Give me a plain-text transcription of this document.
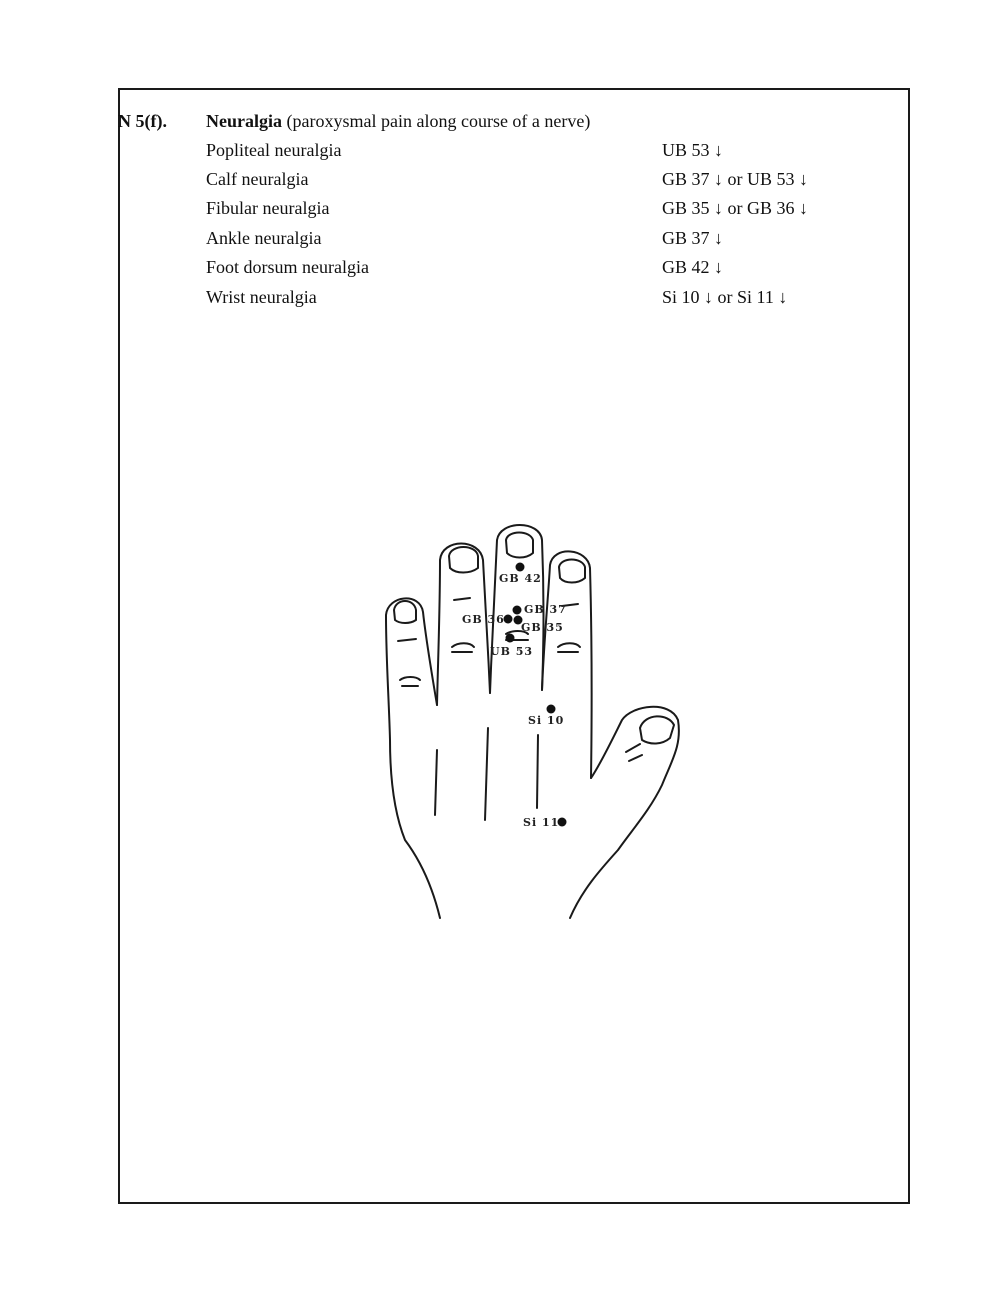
N 5(f). Neuralgia (paroxysmal pain along course of a nerve)
Popliteal neuralgia	UB 53 ↓
Calf neuralgia	GB 37 ↓ or UB 53 ↓
Fibular neuralgia	GB 35 ↓ or GB 36 ↓
Ankle neuralgia	GB 37 ↓
Foot dorsum neuralgia	GB 42 ↓
Wrist neuralgia	Si 10 ↓ or Si 11 ↓
GB 42
GB 37
GB 36
GB 35
UB 53
Si 10
Si 11
